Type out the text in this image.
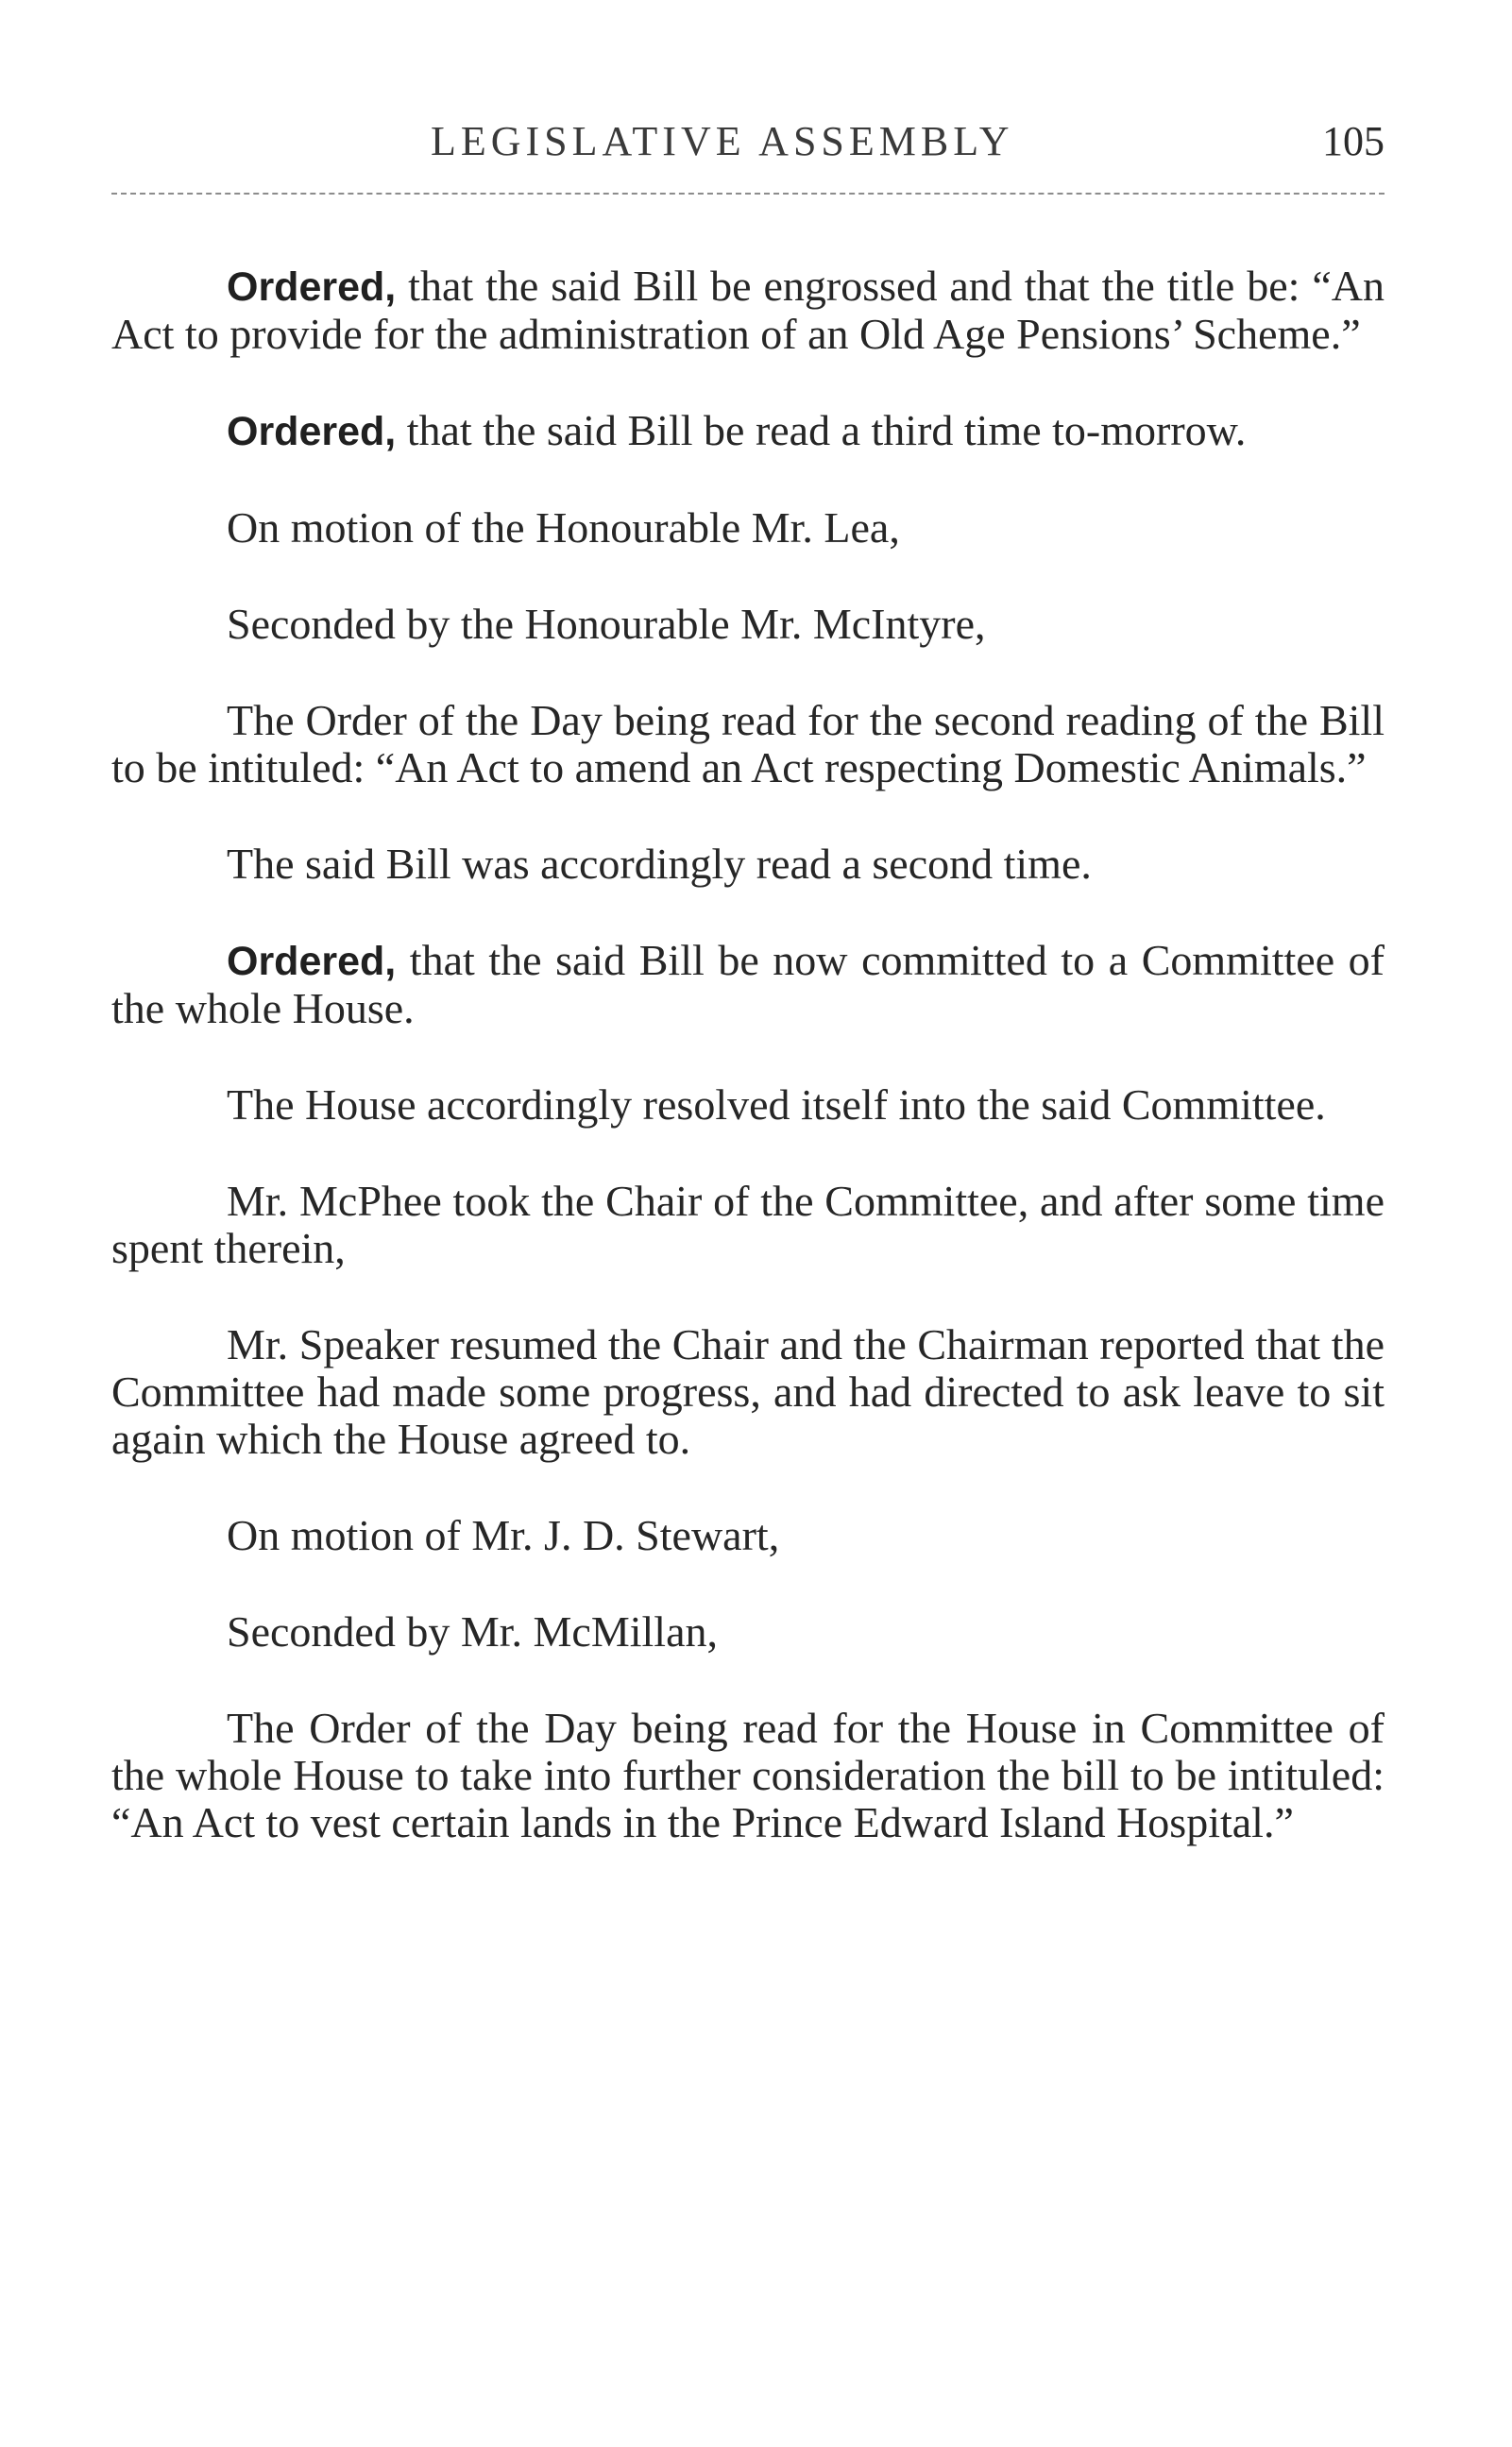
LEGISLATIVE ASSEMBLY	105

Ordered, that the said Bill be engrossed and that the title be: “An Act to provide for the administration of an Old Age Pensions’ Scheme.”

Ordered, that the said Bill be read a third time to-morrow.

On motion of the Honourable Mr. Lea,

Seconded by the Honourable Mr. McIntyre,

The Order of the Day being read for the second reading of the Bill to be intituled: “An Act to amend an Act respecting Domestic Animals.”

The said Bill was accordingly read a second time.

Ordered, that the said Bill be now committed to a Committee of the whole House.

The House accordingly resolved itself into the said Committee.

Mr. McPhee took the Chair of the Committee, and after some time spent therein,

Mr. Speaker resumed the Chair and the Chairman reported that the Committee had made some progress, and had directed to ask leave to sit again which the House agreed to.

On motion of Mr. J. D. Stewart,

Seconded by Mr. McMillan,

The Order of the Day being read for the House in Committee of the whole House to take into further consideration the bill to be intituled: “An Act to vest certain lands in the Prince Edward Island Hospital.”
